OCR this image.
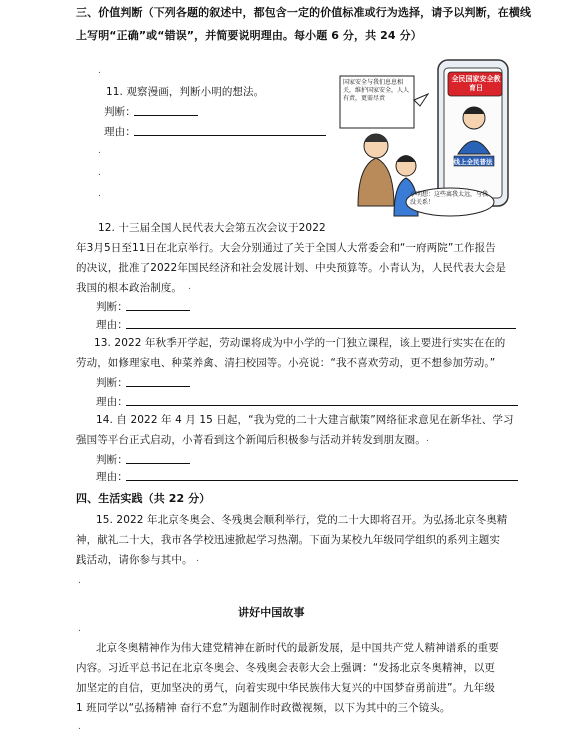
三、价值判断（下列各题的叙述中，都包含一定的价值标准或行为选择，请予以判断，在横线
上写明“正确”或“错误”，并简要说明理由。每小题 6 分，共 24 分）
.
11. 观察漫画，判断小明的想法。
判断：
理由：
.
.
.
国家安全与我们息息相关，维护国家安全，人人有责，更需尽责
全民国家安全教育日
线上全民普法
小明想：这些离我太远，与我没关系！
12. 十三届全国人民代表大会第五次会议于2022
年3月5日至11日在北京举行。大会分别通过了关于全国人大常委会和“一府两院”工作报告
的决议，批准了2022年国民经济和社会发展计划、中央预算等。小青认为，人民代表大会是
我国的根本政治制度。 .
判断：
理由：
13. 2022 年秋季开学起，劳动课将成为中小学的一门独立课程，该上要进行实实在在的
劳动，如修理家电、种菜养禽、清扫校园等。小亮说：“我不喜欢劳动，更不想参加劳动。”
判断：
理由：
14. 自 2022 年 4 月 15 日起，“我为党的二十大建言献策”网络征求意见在新华社、学习
强国等平台正式启动，小菁看到这个新闻后积极参与活动并转发到朋友圈。 .
判断：
理由：
四、生活实践（共 22 分）
15. 2022 年北京冬奥会、冬残奥会顺利举行，党的二十大即将召开。为弘扬北京冬奥精
神，献礼二十大，我市各学校迅速掀起学习热潮。下面为某校九年级同学组织的系列主题实
践活动，请你参与其中。 .
.
讲好中国故事
.
北京冬奥精神作为伟大建党精神在新时代的最新发展，是中国共产党人精神谱系的重要
内容。习近平总书记在北京冬奥会、冬残奥会表彰大会上强调：“发扬北京冬奥精神，以更
加坚定的自信，更加坚决的勇气，向着实现中华民族伟大复兴的中国梦奋勇前进”。九年级
1 班同学以“弘扬精神 奋行不怠”为题制作时政微视频，以下为其中的三个镜头。
.
